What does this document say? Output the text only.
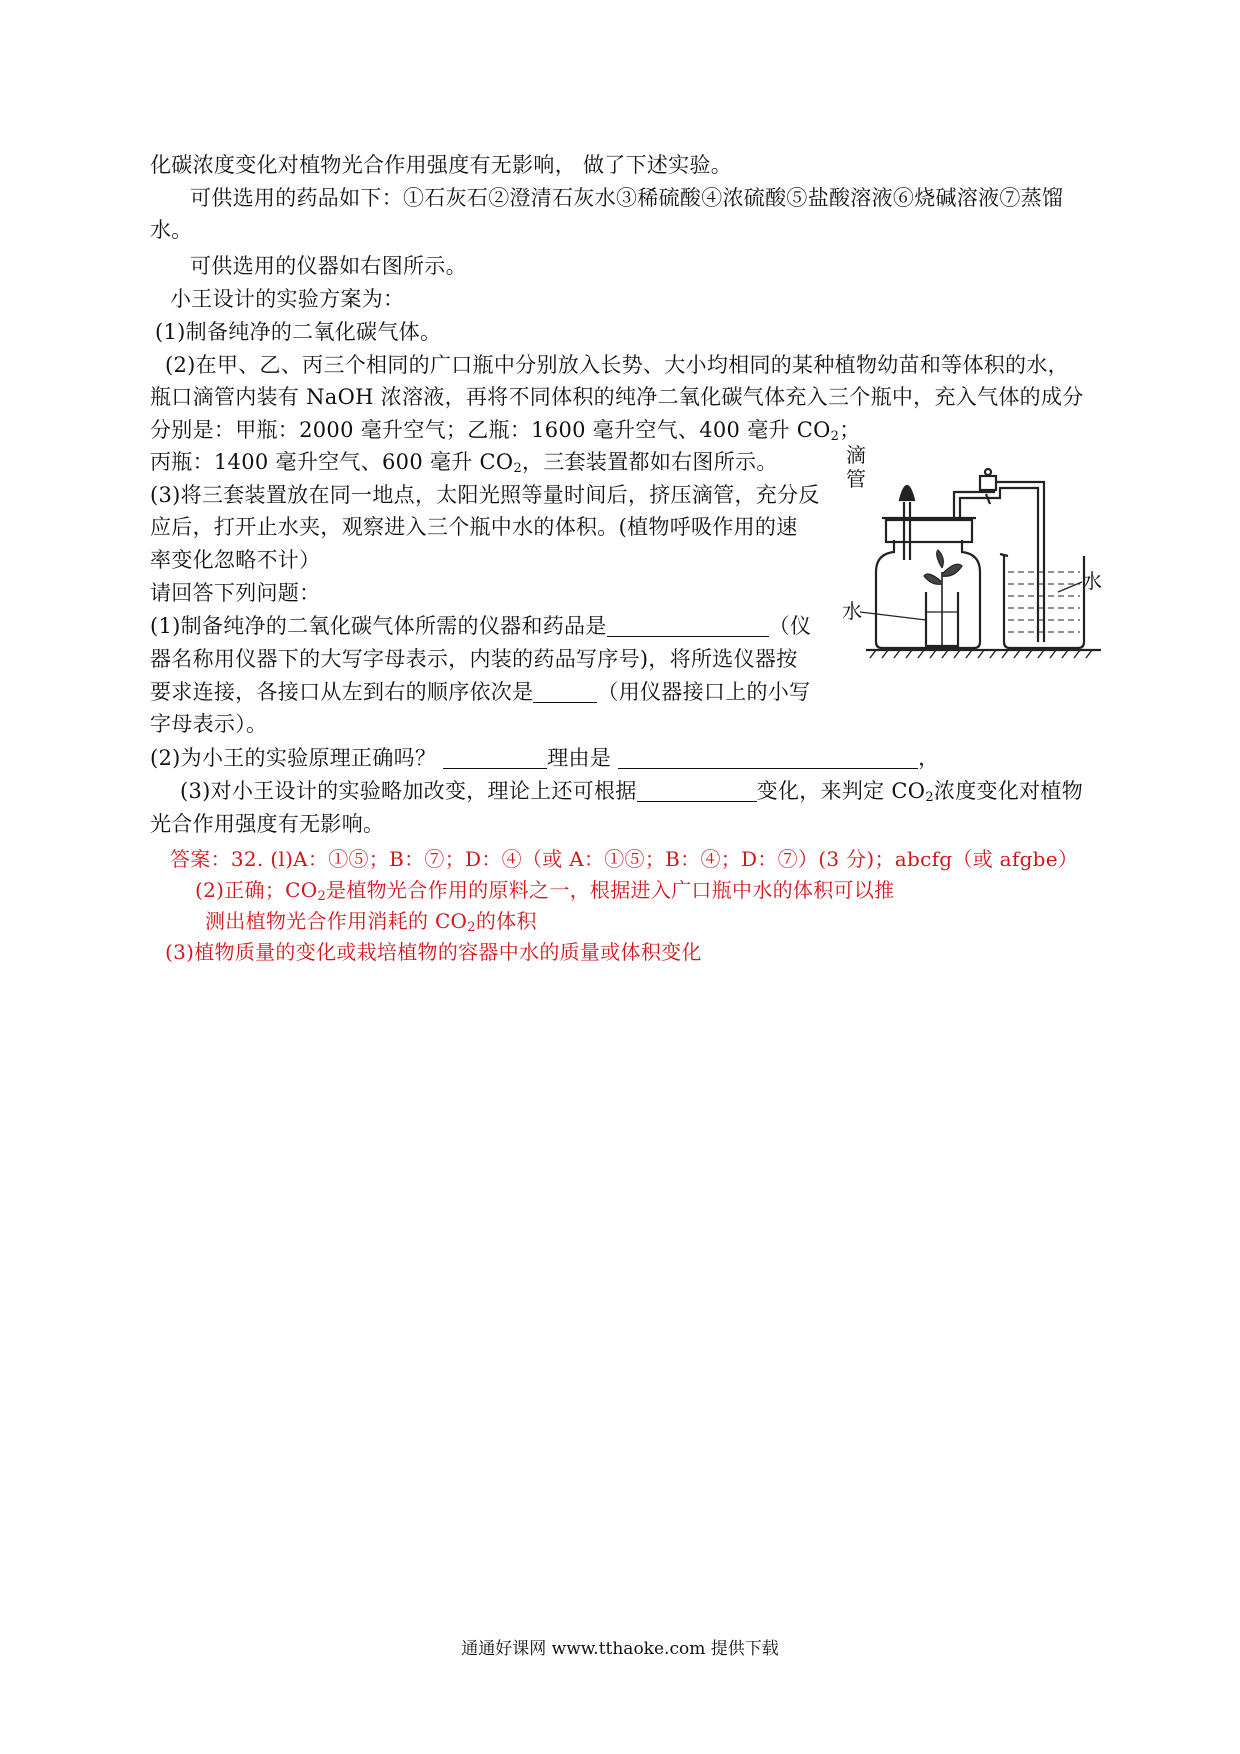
化碳浓度变化对植物光合作用强度有无影响， 做了下述实验。
可供选用的药品如下：①石灰石②澄清石灰水③稀硫酸④浓硫酸⑤盐酸溶液⑥烧碱溶液⑦蒸馏
水。
可供选用的仪器如右图所示。
小王设计的实验方案为：
(1)制备纯净的二氧化碳气体。
(2)在甲、乙、丙三个相同的广口瓶中分别放入长势、大小均相同的某种植物幼苗和等体积的水，
瓶口滴管内装有 NaOH 浓溶液，再将不同体积的纯净二氧化碳气体充入三个瓶中，充入气体的成分
分别是：甲瓶：2000 毫升空气；乙瓶：1600 毫升空气、400 毫升 $CO_2$；
丙瓶：1400 毫升空气、600 毫升 $CO_2$，三套装置都如右图所示。
(3)将三套装置放在同一地点，太阳光照等量时间后，挤压滴管，充分反
应后，打开止水夹，观察进入三个瓶中水的体积。(植物呼吸作用的速
率变化忽略不计）
请回答下列问题：
(1)制备纯净的二氧化碳气体所需的仪器和药品是	（仪
器名称用仪器下的大写字母表示，内装的药品写序号)，将所选仪器按
要求连接，各接口从左到右的顺序依次是	（用仪器接口上的小写
字母表示）。
(2)为小王的实验原理正确吗？	理由是	，
(3)对小王设计的实验略加改变，理论上还可根据	变化，来判定 $CO_2$浓度变化对植物
光合作用强度有无影响。
答案：32. (l)A：①⑤；B：⑦；D：④（或 A：①⑤；B：④；D：⑦）(3 分)；abcfg（或 afgbe）
(2)正确；$CO_2$是植物光合作用的原料之一，根据进入广口瓶中水的体积可以推
测出植物光合作用消耗的 $CO_2$的体积
(3)植物质量的变化或栽培植物的容器中水的质量或体积变化
滴
管
水
水
通通好课网 www.tthaoke.com 提供下载
